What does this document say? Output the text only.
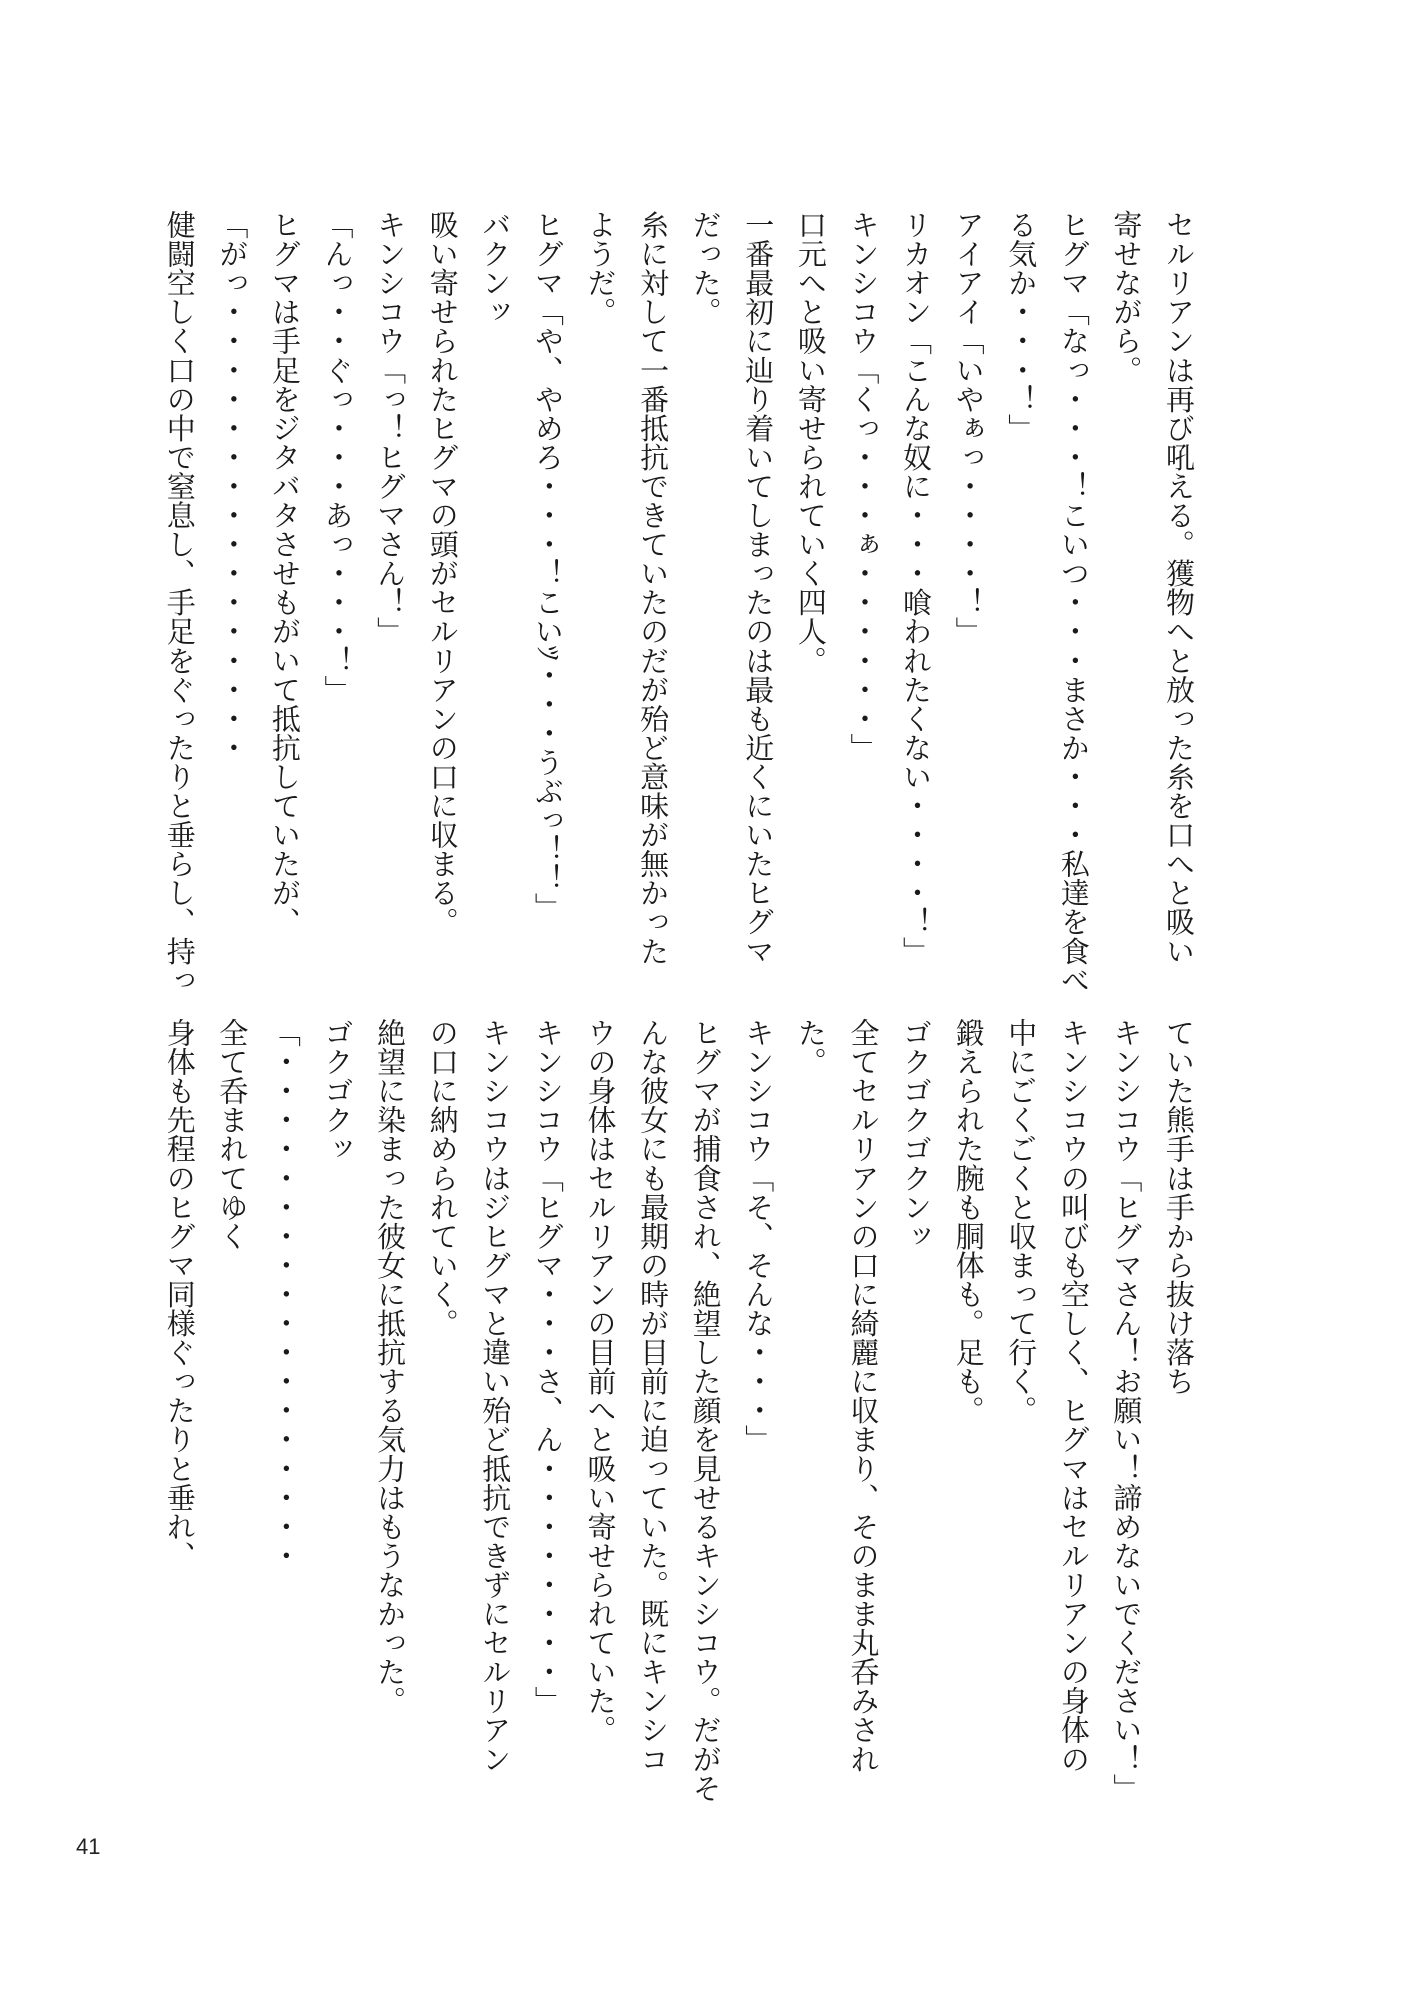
セルリアンは再び吼える。獲物へと放った糸を口へと吸い
寄せながら。
ヒグマ「なっ・・・！こいつ・・・まさか・・・私達を食べ
る気か・・・！」
アイアイ「いやぁっ・・・・！」
リカオン「こんな奴に・・・喰われたくない・・・・！」
キンシコウ「くっ・・・ぁ・・・・・・」
口元へと吸い寄せられていく四人。
一番最初に辿り着いてしまったのは最も近くにいたヒグマ
だった。
糸に対して一番抵抗できていたのだが殆ど意味が無かった
ようだ。
ヒグマ「や、やめろ・・・！こいﾂ・・・うぶっ！！」
バクンッ
吸い寄せられたヒグマの頭がセルリアンの口に収まる。
キンシコウ「っ！ヒグマさん！」
「んっ・・ぐっ・・・あっ・・・！」
ヒグマは手足をジタバタさせもがいて抵抗していたが、
「がっ・・・・・・・・・・・・・・・・
健闘空しく口の中で窒息し、手足をぐったりと垂らし、持っ
ていた熊手は手から抜け落ち
キンシコウ「ヒグマさん！お願い！諦めないでください！」
キンシコウの叫びも空しく、ヒグマはセルリアンの身体の
中にごくごくと収まって行く。
鍛えられた腕も胴体も。足も。
ゴクゴクゴクンッ
全てセルリアンの口に綺麗に収まり、そのまま丸呑みされ
た。
キンシコウ「そ、そんな・・・」
ヒグマが捕食され、絶望した顔を見せるキンシコウ。だがそ
んな彼女にも最期の時が目前に迫っていた。既にキンシコ
ウの身体はセルリアンの目前へと吸い寄せられていた。
キンシコウ「ヒグマ・・・さ、ん・・・・・・・・」
キンシコウはジヒグマと違い殆ど抵抗できずにセルリアン
の口に納められていく。
絶望に染まった彼女に抵抗する気力はもうなかった。
ゴクゴクッ
「・・・・・・・・・・・・・・・・・・
全て呑まれてゆく
身体も先程のヒグマ同様ぐったりと垂れ、
41
